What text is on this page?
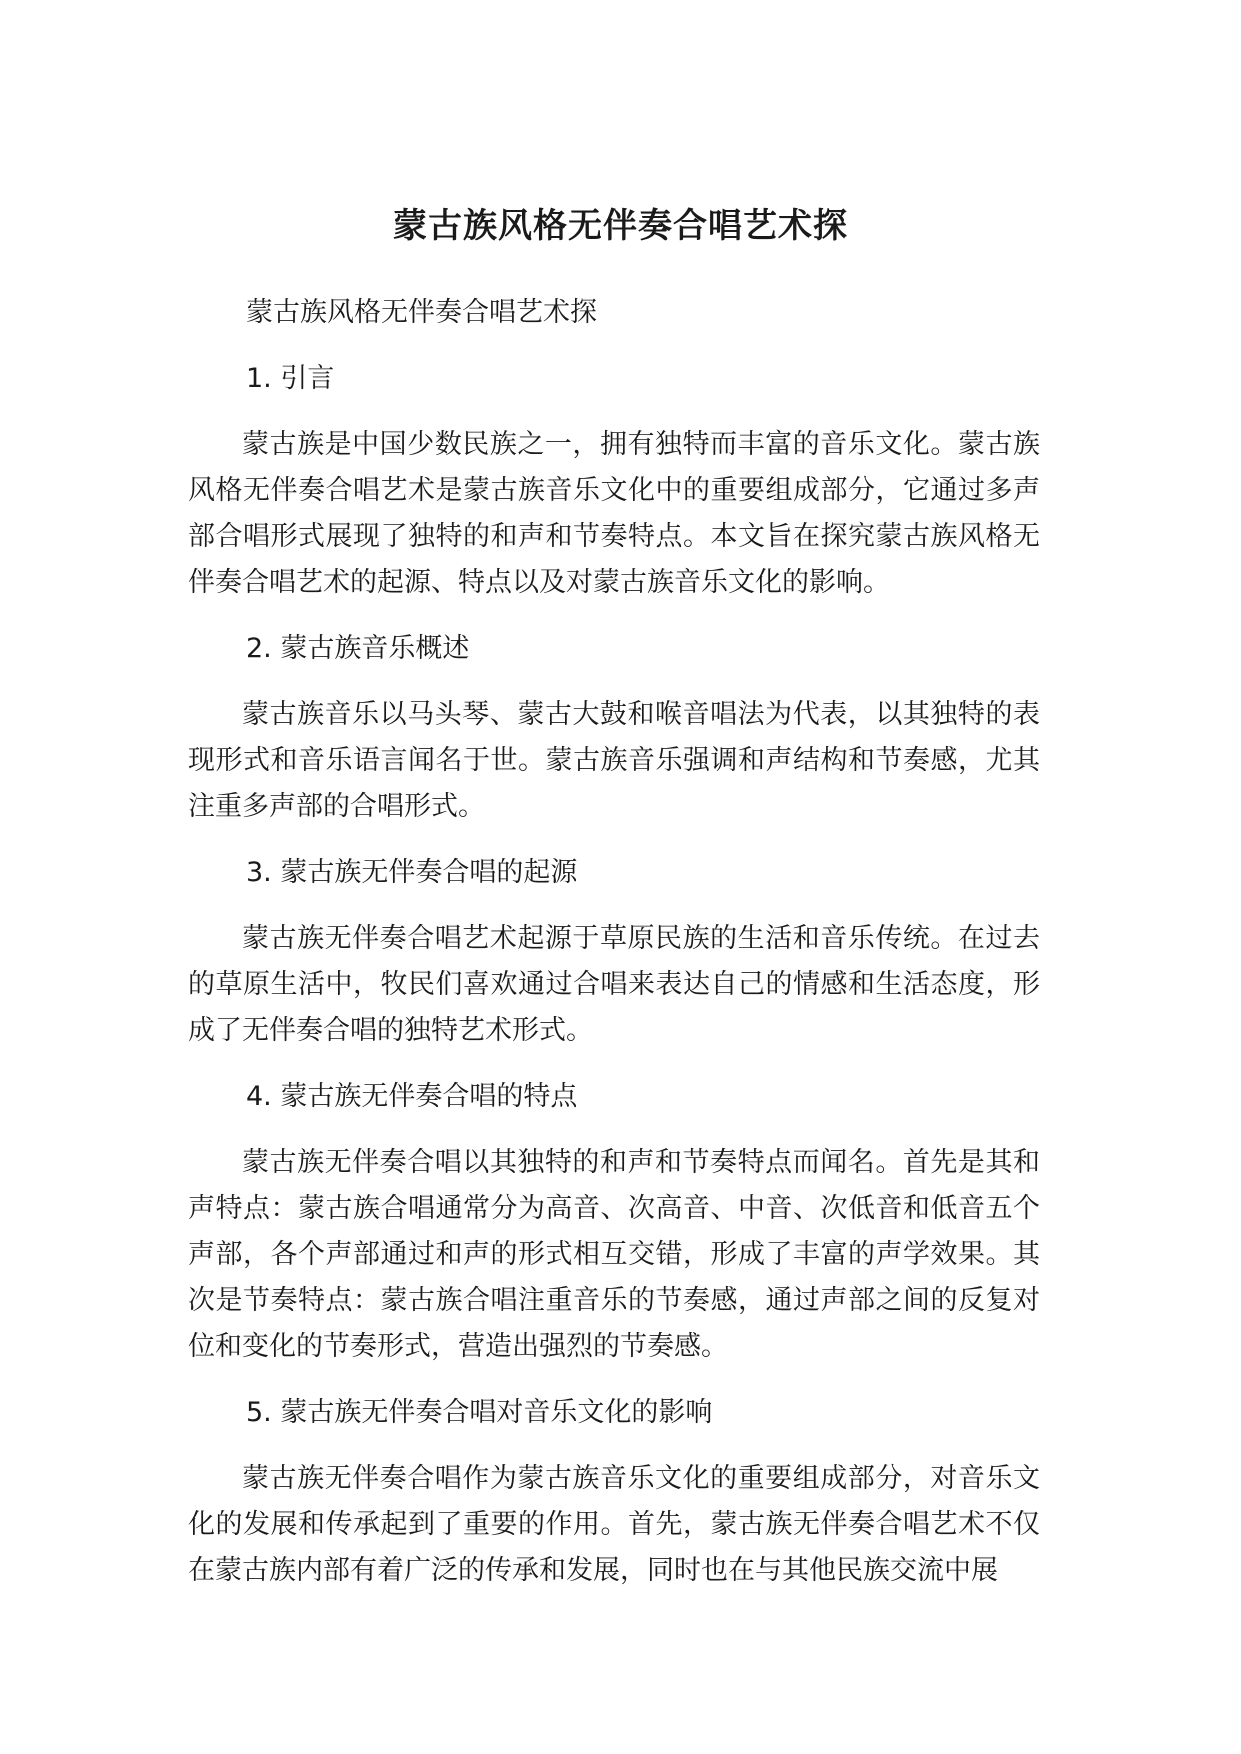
蒙古族风格无伴奏合唱艺术探

蒙古族风格无伴奏合唱艺术探

1. 引言

蒙古族是中国少数民族之一，拥有独特而丰富的音乐文化。蒙古族风格无伴奏合唱艺术是蒙古族音乐文化中的重要组成部分，它通过多声部合唱形式展现了独特的和声和节奏特点。本文旨在探究蒙古族风格无伴奏合唱艺术的起源、特点以及对蒙古族音乐文化的影响。

2. 蒙古族音乐概述

蒙古族音乐以马头琴、蒙古大鼓和喉音唱法为代表，以其独特的表现形式和音乐语言闻名于世。蒙古族音乐强调和声结构和节奏感，尤其注重多声部的合唱形式。

3. 蒙古族无伴奏合唱的起源

蒙古族无伴奏合唱艺术起源于草原民族的生活和音乐传统。在过去的草原生活中，牧民们喜欢通过合唱来表达自己的情感和生活态度，形成了无伴奏合唱的独特艺术形式。

4. 蒙古族无伴奏合唱的特点

蒙古族无伴奏合唱以其独特的和声和节奏特点而闻名。首先是其和声特点：蒙古族合唱通常分为高音、次高音、中音、次低音和低音五个声部，各个声部通过和声的形式相互交错，形成了丰富的声学效果。其次是节奏特点：蒙古族合唱注重音乐的节奏感，通过声部之间的反复对位和变化的节奏形式，营造出强烈的节奏感。

5. 蒙古族无伴奏合唱对音乐文化的影响

蒙古族无伴奏合唱作为蒙古族音乐文化的重要组成部分，对音乐文化的发展和传承起到了重要的作用。首先，蒙古族无伴奏合唱艺术不仅在蒙古族内部有着广泛的传承和发展，同时也在与其他民族交流中展
